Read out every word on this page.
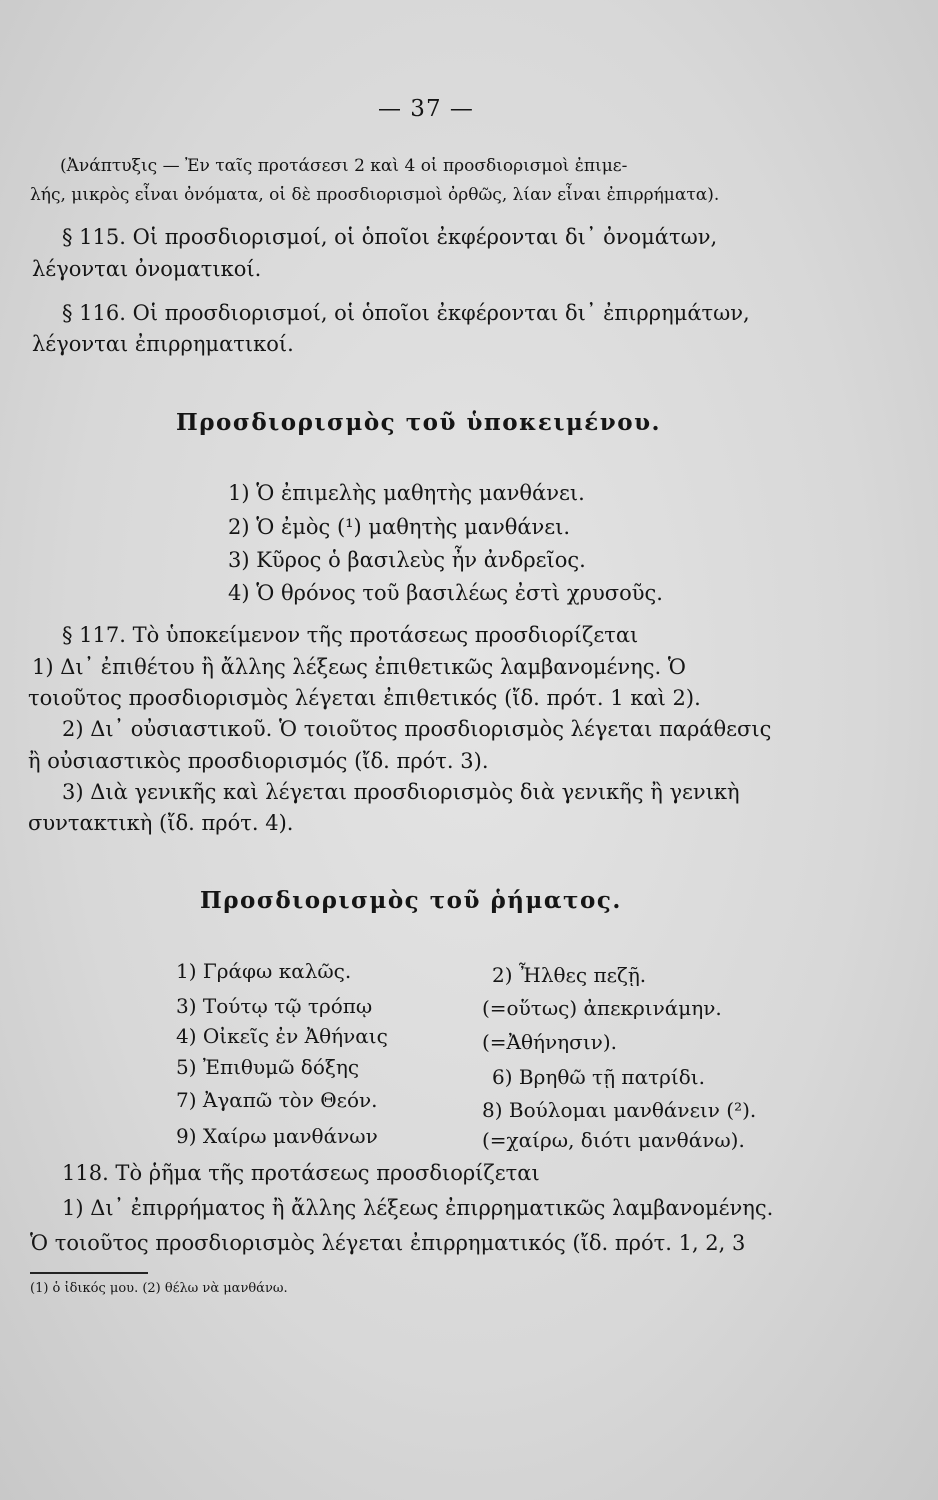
— 37 —
(Ἀνάπτυξις — Ἐν ταῖς προτάσεσι 2 καὶ 4 οἱ προσδιορισμοὶ ἐπιμε-
λής, μικρὸς εἶναι ὀνόματα, οἱ δὲ προσδιορισμοὶ ὀρθῶς, λίαν εἶναι ἐπιρρήματα).
§ 115. Οἱ προσδιορισμοί, οἱ ὁποῖοι ἐκφέρονται δι᾽ ὀνομάτων,
λέγονται ὀνοματικοί.
§ 116. Οἱ προσδιορισμοί, οἱ ὁποῖοι ἐκφέρονται δι᾽ ἐπιρρημάτων,
λέγονται ἐπιρρηματικοί.
Προσδιορισμὸς τοῦ ὑποκειμένου.
1) Ὁ ἐπιμελὴς μαθητὴς μανθάνει.
2) Ὁ ἐμὸς (¹) μαθητὴς μανθάνει.
3) Κῦρος ὁ βασιλεὺς ἦν ἀνδρεῖος.
4) Ὁ θρόνος τοῦ βασιλέως ἐστὶ χρυσοῦς.
§ 117. Τὸ ὑποκείμενον τῆς προτάσεως προσδιορίζεται
1) Δι᾽ ἐπιθέτου ἢ ἄλλης λέξεως ἐπιθετικῶς λαμβανομένης. Ὁ
τοιοῦτος προσδιορισμὸς λέγεται ἐπιθετικός (ἴδ. πρότ. 1 καὶ 2).
2) Δι᾽ οὐσιαστικοῦ. Ὁ τοιοῦτος προσδιορισμὸς λέγεται παράθεσις
ἢ οὐσιαστικὸς προσδιορισμός (ἴδ. πρότ. 3).
3) Διὰ γενικῆς καὶ λέγεται προσδιορισμὸς διὰ γενικῆς ἢ γενικὴ
συντακτικὴ (ἴδ. πρότ. 4).
Προσδιορισμὸς τοῦ ῥήματος.
1) Γράφω καλῶς.
3) Τούτῳ τῷ τρόπῳ
4) Οἰκεῖς ἐν Ἀθήναις
5) Ἐπιθυμῶ δόξης
7) Ἀγαπῶ τὸν Θεόν.
9) Χαίρω μανθάνων
2) Ἦλθες πεζῇ.
(=οὕτως) ἀπεκρινάμην.
(=Ἀθήνησιν).
6) Βρηθῶ τῇ πατρίδι.
8) Βούλομαι μανθάνειν (²).
(=χαίρω, διότι μανθάνω).
118. Τὸ ῥῆμα τῆς προτάσεως προσδιορίζεται
1) Δι᾽ ἐπιρρήματος ἢ ἄλλης λέξεως ἐπιρρηματικῶς λαμβανομένης.
Ὁ τοιοῦτος προσδιορισμὸς λέγεται ἐπιρρηματικός (ἴδ. πρότ. 1, 2, 3
(1) ὁ ἰδικός μου. (2) θέλω νὰ μανθάνω.
